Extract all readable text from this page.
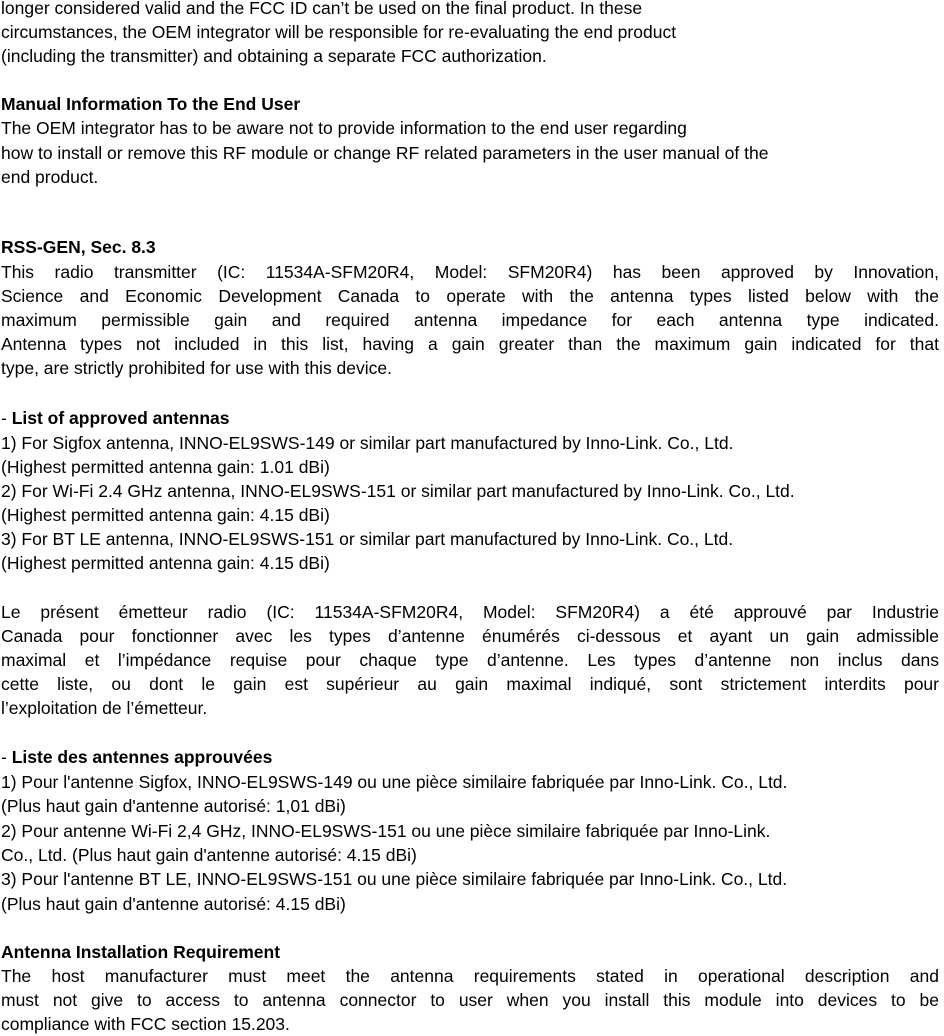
longer considered valid and the FCC ID can’t be used on the final product. In these
circumstances, the OEM integrator will be responsible for re-evaluating the end product
(including the transmitter) and obtaining a separate FCC authorization.
Manual Information To the End User
The OEM integrator has to be aware not to provide information to the end user regarding
how to install or remove this RF module or change RF related parameters in the user manual of the
end product.
RSS-GEN, Sec. 8.3
This radio transmitter (IC: 11534A-SFM20R4, Model: SFM20R4) has been approved by Innovation,
Science and Economic Development Canada to operate with the antenna types listed below with the
maximum permissible gain and required antenna impedance for each antenna type indicated.
Antenna types not included in this list, having a gain greater than the maximum gain indicated for that
type, are strictly prohibited for use with this device.
- List of approved antennas
1) For Sigfox antenna, INNO-EL9SWS-149 or similar part manufactured by Inno-Link. Co., Ltd.
(Highest permitted antenna gain: 1.01 dBi)
2) For Wi-Fi 2.4 GHz antenna, INNO-EL9SWS-151 or similar part manufactured by Inno-Link. Co., Ltd.
(Highest permitted antenna gain: 4.15 dBi)
3) For BT LE antenna, INNO-EL9SWS-151 or similar part manufactured by Inno-Link. Co., Ltd.
(Highest permitted antenna gain: 4.15 dBi)
Le présent émetteur radio (IC: 11534A-SFM20R4, Model: SFM20R4) a été approuvé par Industrie
Canada pour fonctionner avec les types d’antenne énumérés ci-dessous et ayant un gain admissible
maximal et l’impédance requise pour chaque type d’antenne. Les types d’antenne non inclus dans
cette liste, ou dont le gain est supérieur au gain maximal indiqué, sont strictement interdits pour
l’exploitation de l’émetteur.
- Liste des antennes approuvées
1) Pour l'antenne Sigfox, INNO-EL9SWS-149 ou une pièce similaire fabriquée par Inno-Link. Co., Ltd.
(Plus haut gain d'antenne autorisé: 1,01 dBi)
2) Pour antenne Wi-Fi 2,4 GHz, INNO-EL9SWS-151 ou une pièce similaire fabriquée par Inno-Link.
Co., Ltd. (Plus haut gain d'antenne autorisé: 4.15 dBi)
3) Pour l'antenne BT LE, INNO-EL9SWS-151 ou une pièce similaire fabriquée par Inno-Link. Co., Ltd.
(Plus haut gain d'antenne autorisé: 4.15 dBi)
Antenna Installation Requirement
The host manufacturer must meet the antenna requirements stated in operational description and
must not give to access to antenna connector to user when you install this module into devices to be
compliance with FCC section 15.203.
